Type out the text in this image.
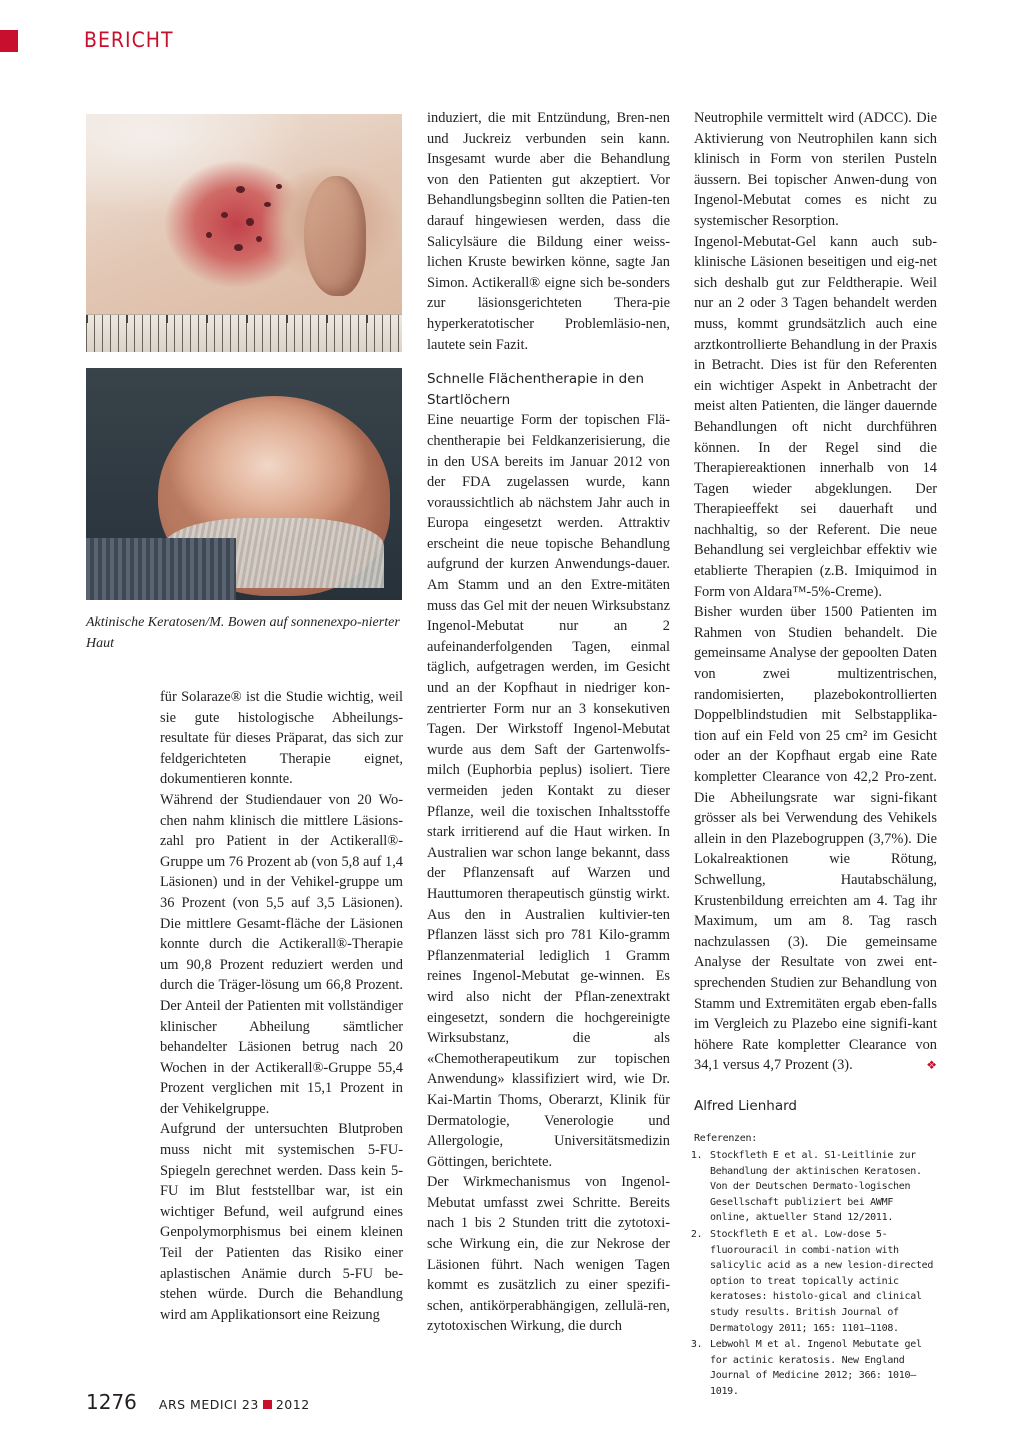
BERICHT

Aktinische Keratosen/M. Bowen auf sonnenexpo-nierter Haut

für Solaraze® ist die Studie wichtig, weil sie gute histologische Abheilungs-resultate für dieses Präparat, das sich zur feldgerichteten Therapie eignet, dokumentieren konnte.

Während der Studiendauer von 20 Wo-chen nahm klinisch die mittlere Läsions-zahl pro Patient in der Actikerall®-Gruppe um 76 Prozent ab (von 5,8 auf 1,4 Läsionen) und in der Vehikel-gruppe um 36 Prozent (von 5,5 auf 3,5 Läsionen). Die mittlere Gesamt-fläche der Läsionen konnte durch die Actikerall®-Therapie um 90,8 Prozent reduziert werden und durch die Träger-lösung um 66,8 Prozent. Der Anteil der Patienten mit vollständiger klinischer Abheilung sämtlicher behandelter Läsionen betrug nach 20 Wochen in der Actikerall®-Gruppe 55,4 Prozent verglichen mit 15,1 Prozent in der Vehikelgruppe.

Aufgrund der untersuchten Blutproben muss nicht mit systemischen 5-FU-Spiegeln gerechnet werden. Dass kein 5-FU im Blut feststellbar war, ist ein wichtiger Befund, weil aufgrund eines Genpolymorphismus bei einem kleinen Teil der Patienten das Risiko einer aplastischen Anämie durch 5-FU be-stehen würde. Durch die Behandlung wird am Applikationsort eine Reizung

induziert, die mit Entzündung, Bren-nen und Juckreiz verbunden sein kann. Insgesamt wurde aber die Behandlung von den Patienten gut akzeptiert. Vor Behandlungsbeginn sollten die Patien-ten darauf hingewiesen werden, dass die Salicylsäure die Bildung einer weiss-lichen Kruste bewirken könne, sagte Jan Simon. Actikerall® eigne sich be-sonders zur läsionsgerichteten Thera-pie hyperkeratotischer Problemläsio-nen, lautete sein Fazit.

Schnelle Flächentherapie in den Startlöchern

Eine neuartige Form der topischen Flä-chentherapie bei Feldkanzerisierung, die in den USA bereits im Januar 2012 von der FDA zugelassen wurde, kann voraussichtlich ab nächstem Jahr auch in Europa eingesetzt werden. Attraktiv erscheint die neue topische Behandlung aufgrund der kurzen Anwendungs-dauer. Am Stamm und an den Extre-mitäten muss das Gel mit der neuen Wirksubstanz Ingenol-Mebutat nur an 2 aufeinanderfolgenden Tagen, einmal täglich, aufgetragen werden, im Gesicht und an der Kopfhaut in niedriger kon-zentrierter Form nur an 3 konsekutiven Tagen. Der Wirkstoff Ingenol-Mebutat wurde aus dem Saft der Gartenwolfs-milch (Euphorbia peplus) isoliert. Tiere vermeiden jeden Kontakt zu dieser Pflanze, weil die toxischen Inhaltsstoffe stark irritierend auf die Haut wirken. In Australien war schon lange bekannt, dass der Pflanzensaft auf Warzen und Hauttumoren therapeutisch günstig wirkt. Aus den in Australien kultivier-ten Pflanzen lässt sich pro 781 Kilo-gramm Pflanzenmaterial lediglich 1 Gramm reines Ingenol-Mebutat ge-winnen. Es wird also nicht der Pflan-zenextrakt eingesetzt, sondern die hochgereinigte Wirksubstanz, die als «Chemotherapeutikum zur topischen Anwendung» klassifiziert wird, wie Dr. Kai-Martin Thoms, Oberarzt, Klinik für Dermatologie, Venerologie und Allergologie, Universitätsmedizin Göttingen, berichtete.

Der Wirkmechanismus von Ingenol-Mebutat umfasst zwei Schritte. Bereits nach 1 bis 2 Stunden tritt die zytotoxi-sche Wirkung ein, die zur Nekrose der Läsionen führt. Nach wenigen Tagen kommt es zusätzlich zu einer spezifi-schen, antikörperabhängigen, zellulä-ren, zytotoxischen Wirkung, die durch

Neutrophile vermittelt wird (ADCC). Die Aktivierung von Neutrophilen kann sich klinisch in Form von sterilen Pusteln äussern. Bei topischer Anwen-dung von Ingenol-Mebutat comes es nicht zu systemischer Resorption.

Ingenol-Mebutat-Gel kann auch sub-klinische Läsionen beseitigen und eig-net sich deshalb gut zur Feldtherapie. Weil nur an 2 oder 3 Tagen behandelt werden muss, kommt grundsätzlich auch eine arztkontrollierte Behandlung in der Praxis in Betracht. Dies ist für den Referenten ein wichtiger Aspekt in Anbetracht der meist alten Patienten, die länger dauernde Behandlungen oft nicht durchführen können. In der Regel sind die Therapiereaktionen innerhalb von 14 Tagen wieder abgeklungen. Der Therapieeffekt sei dauerhaft und nachhaltig, so der Referent. Die neue Behandlung sei vergleichbar effektiv wie etablierte Therapien (z.B. Imiquimod in Form von Aldara™-5%-Creme).

Bisher wurden über 1500 Patienten im Rahmen von Studien behandelt. Die gemeinsame Analyse der gepoolten Daten von zwei multizentrischen, randomisierten, plazebokontrollierten Doppelblindstudien mit Selbstapplika-tion auf ein Feld von 25 cm² im Gesicht oder an der Kopfhaut ergab eine Rate kompletter Clearance von 42,2 Pro-zent. Die Abheilungsrate war signi-fikant grösser als bei Verwendung des Vehikels allein in den Plazebogruppen (3,7%). Die Lokalreaktionen wie Rötung, Schwellung, Hautabschälung, Krustenbildung erreichten am 4. Tag ihr Maximum, um am 8. Tag rasch nachzulassen (3). Die gemeinsame Analyse der Resultate von zwei ent-sprechenden Studien zur Behandlung von Stamm und Extremitäten ergab eben-falls im Vergleich zu Plazebo eine signifi-kant höhere Rate kompletter Clearance von 34,1 versus 4,7 Prozent (3).	❖

Alfred Lienhard
Referenzen:
1. Stockfleth E et al. S1-Leitlinie zur Behandlung der aktinischen Keratosen. Von der Deutschen Dermato-logischen Gesellschaft publiziert bei AWMF online, aktueller Stand 12/2011.
2. Stockfleth E et al. Low-dose 5-fluorouracil in combi-nation with salicylic acid as a new lesion-directed option to treat topically actinic keratoses: histolo-gical and clinical study results. British Journal of Dermatology 2011; 165: 1101–1108.
3. Lebwohl M et al. Ingenol Mebutate gel for actinic keratosis. New England Journal of Medicine 2012; 366: 1010–1019.
1276 ARS MEDICI 23 2012
